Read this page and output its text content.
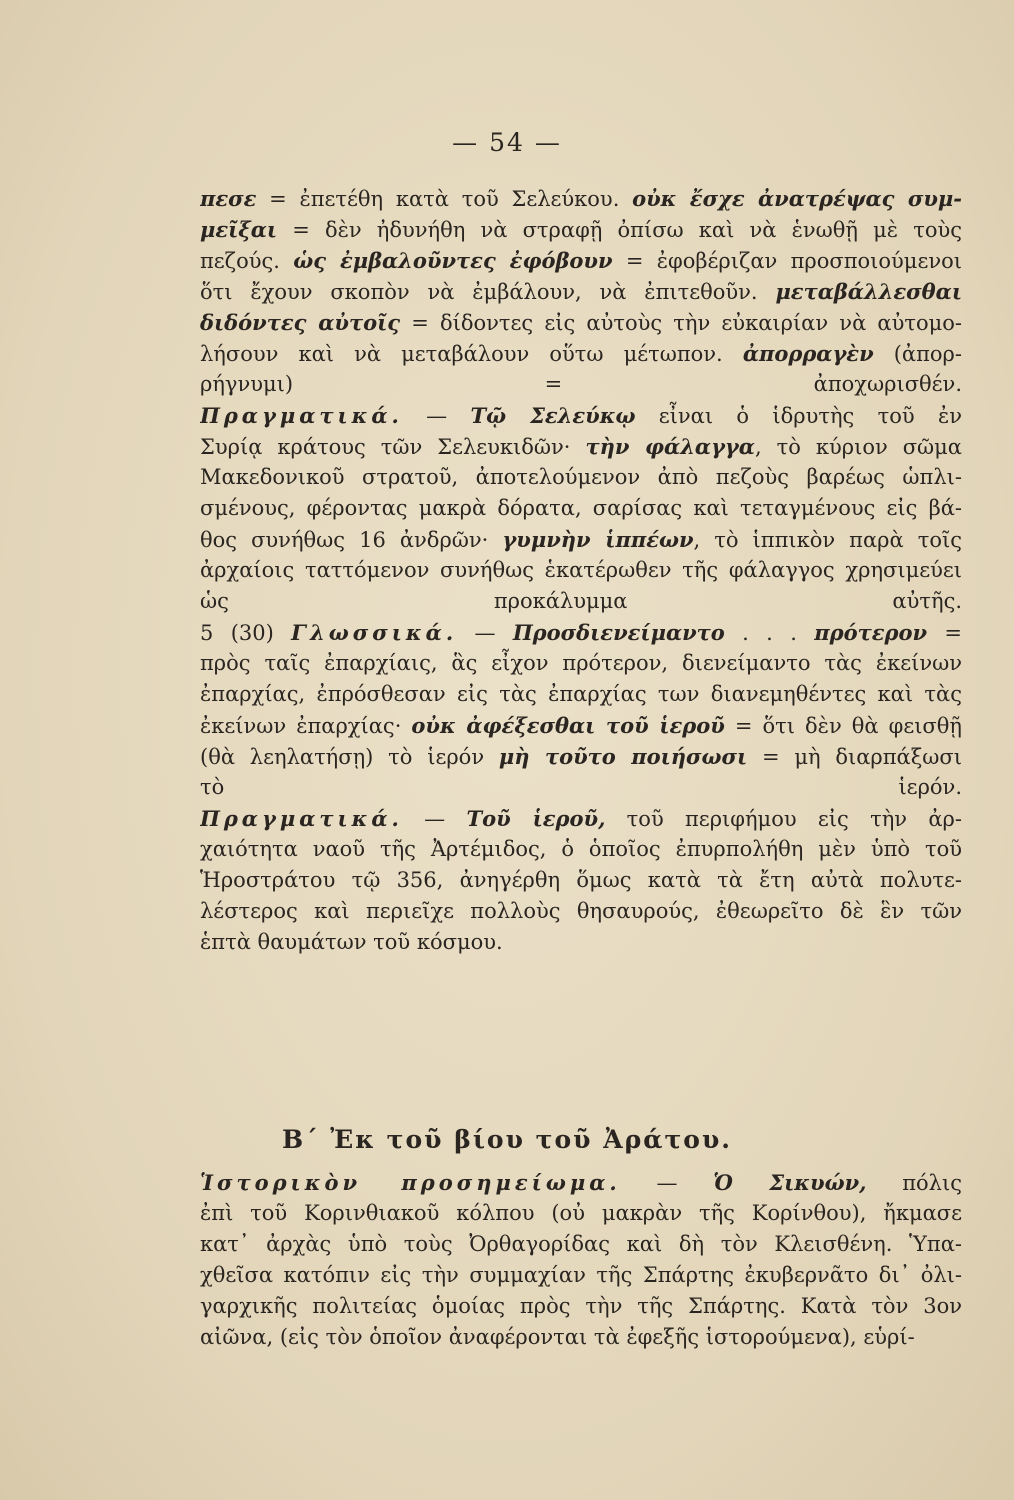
— 54 —
πεσε = ἐπετέθη κατὰ τοῦ Σελεύκου. οὐκ ἔσχε ἀνατρέψας συμ-
μεῖξαι = δὲν ἠδυνήθη νὰ στραφῇ ὀπίσω καὶ νὰ ἑνωθῇ μὲ τοὺς
πεζούς. ὡς ἐμβαλοῦντες ἐφόβουν = ἐφοβέριζαν προσποιούμενοι
ὅτι ἔχουν σκοπὸν νὰ ἐμβάλουν, νὰ ἐπιτεθοῦν. μεταβάλλεσθαι
διδόντες αὐτοῖς = δίδοντες εἰς αὐτοὺς τὴν εὐκαιρίαν νὰ αὐτομο-
λήσουν καὶ νὰ μεταβάλουν οὕτω μέτωπον. ἀπορραγὲν (ἀπορ-
ρήγνυμι) = ἀποχωρισθέν.
Πραγματικά. — Τῷ Σελεύκῳ εἶναι ὁ ἱδρυτὴς τοῦ ἐν
Συρίᾳ κράτους τῶν Σελευκιδῶν· τὴν φάλαγγα, τὸ κύριον σῶμα
Μακεδονικοῦ στρατοῦ, ἀποτελούμενον ἀπὸ πεζοὺς βαρέως ὡπλι-
σμένους, φέροντας μακρὰ δόρατα, σαρίσας καὶ τεταγμένους εἰς βά-
θος συνήθως 16 ἀνδρῶν· γυμνὴν ἱππέων, τὸ ἱππικὸν παρὰ τοῖς
ἀρχαίοις ταττόμενον συνήθως ἑκατέρωθεν τῆς φάλαγγος χρησιμεύει
ὡς προκάλυμμα αὐτῆς.
5 (30) Γλωσσικά. — Προσδιενείμαντο . . . πρότερον =
πρὸς ταῖς ἐπαρχίαις, ἃς εἶχον πρότερον, διενείμαντο τὰς ἐκείνων
ἐπαρχίας, ἐπρόσθεσαν εἰς τὰς ἐπαρχίας των διανεμηθέντες καὶ τὰς
ἐκείνων ἐπαρχίας· οὐκ ἀφέξεσθαι τοῦ ἱεροῦ = ὅτι δὲν θὰ φεισθῇ
(θὰ λεηλατήσῃ) τὸ ἱερόν μὴ τοῦτο ποιήσωσι = μὴ διαρπάξωσι
τὸ ἱερόν.
Πραγματικά. — Τοῦ ἱεροῦ, τοῦ περιφήμου εἰς τὴν ἀρ-
χαιότητα ναοῦ τῆς Ἀρτέμιδος, ὁ ὁποῖος ἐπυρπολήθη μὲν ὑπὸ τοῦ
Ἡροστράτου τῷ 356, ἀνηγέρθη ὅμως κατὰ τὰ ἔτη αὐτὰ πολυτε-
λέστερος καὶ περιεῖχε πολλοὺς θησαυρούς, ἐθεωρεῖτο δὲ ἓν τῶν
ἑπτὰ θαυμάτων τοῦ κόσμου.
Β΄ Ἐκ τοῦ βίου τοῦ Ἀράτου.
Ἱστορικὸν προσημείωμα. — Ὁ Σικυών, πόλις
ἐπὶ τοῦ Κορινθιακοῦ κόλπου (οὐ μακρὰν τῆς Κορίνθου), ἤκμασε
κατ᾽ ἀρχὰς ὑπὸ τοὺς Ὀρθαγορίδας καὶ δὴ τὸν Κλεισθένη. Ὑπα-
χθεῖσα κατόπιν εἰς τὴν συμμαχίαν τῆς Σπάρτης ἐκυβερνᾶτο δι᾽ ὀλι-
γαρχικῆς πολιτείας ὁμοίας πρὸς τὴν τῆς Σπάρτης. Κατὰ τὸν 3ον
αἰῶνα, (εἰς τὸν ὁποῖον ἀναφέρονται τὰ ἐφεξῆς ἱστορούμενα), εὑρί-
